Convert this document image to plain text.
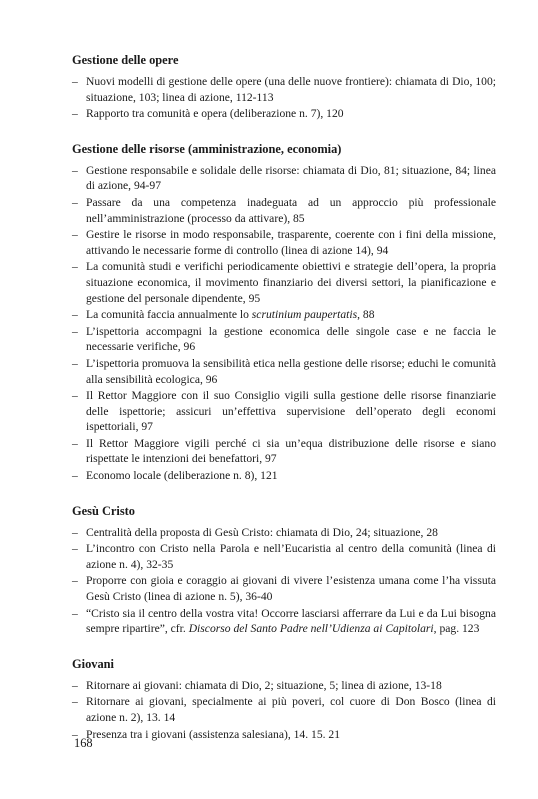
Gestione delle opere
– Nuovi modelli di gestione delle opere (una delle nuove frontiere): chiamata di Dio, 100; situazione, 103; linea di azione, 112-113
– Rapporto tra comunità e opera (deliberazione n. 7), 120
Gestione delle risorse (amministrazione, economia)
– Gestione responsabile e solidale delle risorse: chiamata di Dio, 81; situazione, 84; linea di azione, 94-97
– Passare da una competenza inadeguata ad un approccio più professionale nell’amministrazione (processo da attivare), 85
– Gestire le risorse in modo responsabile, trasparente, coerente con i fini della missione, attivando le necessarie forme di controllo (linea di azione 14), 94
– La comunità studi e verifichi periodicamente obiettivi e strategie dell’opera, la propria situazione economica, il movimento finanziario dei diversi settori, la pianificazione e gestione del personale dipendente, 95
– La comunità faccia annualmente lo scrutinium paupertatis, 88
– L’ispettoria accompagni la gestione economica delle singole case e ne faccia le necessarie verifiche, 96
– L’ispettoria promuova la sensibilità etica nella gestione delle risorse; educhi le comunità alla sensibilità ecologica, 96
– Il Rettor Maggiore con il suo Consiglio vigili sulla gestione delle risorse finanziarie delle ispettorie; assicuri un’effettiva supervisione dell’operato degli economi ispettoriali, 97
– Il Rettor Maggiore vigili perché ci sia un’equa distribuzione delle risorse e siano rispettate le intenzioni dei benefattori, 97
– Economo locale (deliberazione n. 8), 121
Gesù Cristo
– Centralità della proposta di Gesù Cristo: chiamata di Dio, 24; situazione, 28
– L’incontro con Cristo nella Parola e nell’Eucaristia al centro della comunità (linea di azione n. 4), 32-35
– Proporre con gioia e coraggio ai giovani di vivere l’esistenza umana come l’ha vissuta Gesù Cristo (linea di azione n. 5), 36-40
– “Cristo sia il centro della vostra vita! Occorre lasciarsi afferrare da Lui e da Lui bisogna sempre ripartire”, cfr. Discorso del Santo Padre nell’Udienza ai Capitolari, pag. 123
Giovani
– Ritornare ai giovani: chiamata di Dio, 2; situazione, 5; linea di azione, 13-18
– Ritornare ai giovani, specialmente ai più poveri, col cuore di Don Bosco (linea di azione n. 2), 13. 14
– Presenza tra i giovani (assistenza salesiana), 14. 15. 21
168
